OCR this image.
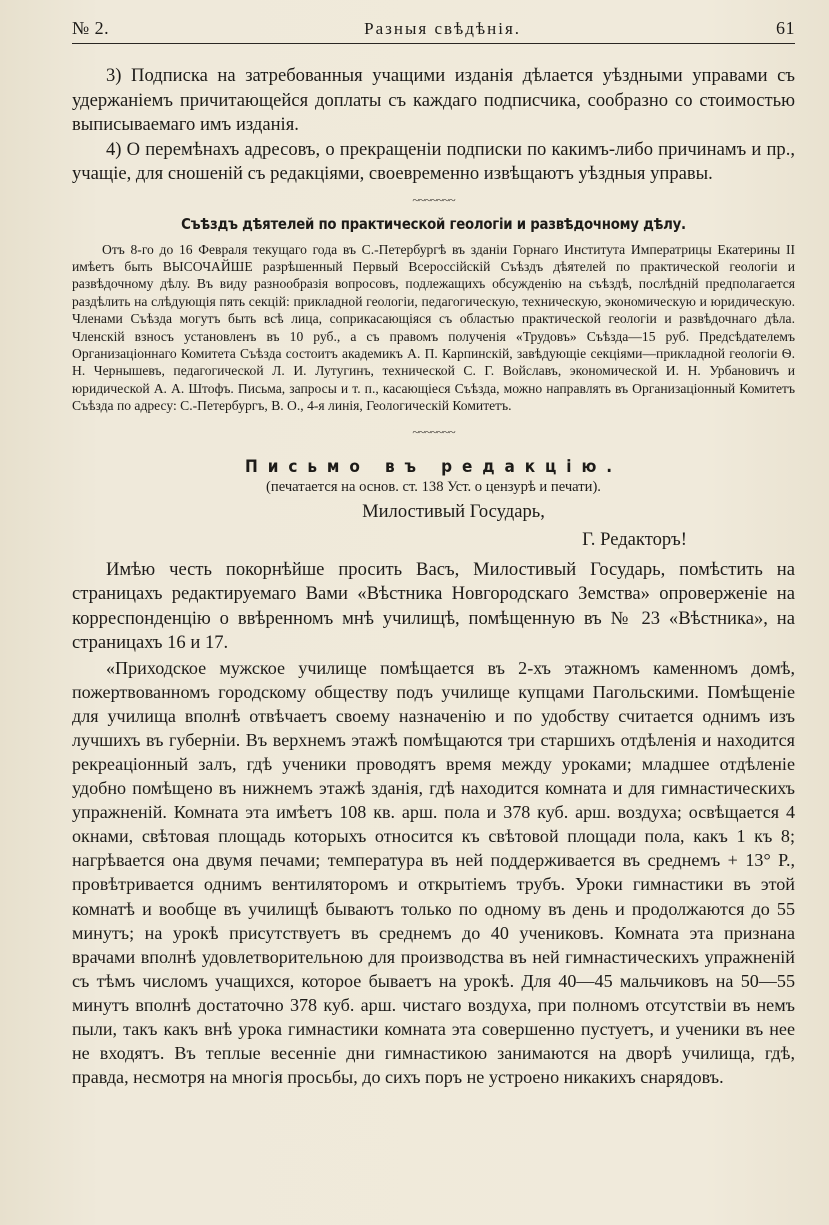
№ 2.	Разныя свѣдѣнія.	61

3) Подписка на затребованныя учащими изданія дѣлается уѣздными управами съ удержаніемъ причитающейся доплаты съ каждаго подписчика, сообразно со стоимостью выписываемаго имъ изданія.

4) О перемѣнахъ адресовъ, о прекращеніи подписки по какимъ-либо причинамъ и пр., учащіе, для сношеній съ редакціями, своевременно извѣщаютъ уѣздныя управы.

~~~~~~~
Съѣздъ дѣятелей по практической геологіи и развѣдочному дѣлу.

Отъ 8-го до 16 Февраля текущаго года въ С.-Петербургѣ въ зданіи Горнаго Института Императрицы Екатерины II имѣетъ быть ВЫСОЧАЙШЕ разрѣшенный Первый Всероссійскій Съѣздъ дѣятелей по практической геологіи и развѣдочному дѣлу. Въ виду разнообразія вопросовъ, подлежащихъ обсужденію на съѣздѣ, послѣдній предполагается раздѣлить на слѣдующія пять секцій: прикладной геологіи, педагогическую, техническую, экономическую и юридическую. Членами Съѣзда могутъ быть всѣ лица, соприкасающіяся съ областью практической геологіи и развѣдочнаго дѣла. Членскій взносъ установленъ въ 10 руб., а съ правомъ полученія «Трудовъ» Съѣзда—15 руб. Предсѣдателемъ Организаціоннаго Комитета Съѣзда состоитъ академикъ А. П. Карпинскій, завѣдующіе секціями—прикладной геологіи Ѳ. Н. Чернышевъ, педагогической Л. И. Лутугинъ, технической С. Г. Войславъ, экономической И. Н. Урбановичъ и юридической А. А. Штофъ. Письма, запросы и т. п., касающіеся Съѣзда, можно направлять въ Организаціонный Комитетъ Съѣзда по адресу: С.-Петербургъ, В. О., 4-я линія, Геологическій Комитетъ.

~~~~~~~
Письмо въ редакцію.
(печатается на основ. ст. 138 Уст. о цензурѣ и печати).

Милостивый Государь,

Г. Редакторъ!

Имѣю честь покорнѣйше просить Васъ, Милостивый Государь, помѣстить на страницахъ редактируемаго Вами «Вѣстника Новгородскаго Земства» опроверженіе на корреспонденцію о ввѣренномъ мнѣ училищѣ, помѣщенную въ № 23 «Вѣстника», на страницахъ 16 и 17.

«Приходское мужское училище помѣщается въ 2-хъ этажномъ каменномъ домѣ, пожертвованномъ городскому обществу подъ училище купцами Пагольскими. Помѣщеніе для училища вполнѣ отвѣчаетъ своему назначенію и по удобству считается однимъ изъ лучшихъ въ губерніи. Въ верхнемъ этажѣ помѣщаются три старшихъ отдѣленія и находится рекреаціонный залъ, гдѣ ученики проводятъ время между уроками; младшее отдѣленіе удобно помѣщено въ нижнемъ этажѣ зданія, гдѣ находится комната и для гимнастическихъ упражненій. Комната эта имѣетъ 108 кв. арш. пола и 378 куб. арш. воздуха; освѣщается 4 окнами, свѣтовая площадь которыхъ относится къ свѣтовой площади пола, какъ 1 къ 8; нагрѣвается она двумя печами; температура въ ней поддерживается въ среднемъ + 13° Р., провѣтривается однимъ вентиляторомъ и открытіемъ трубъ. Уроки гимнастики въ этой комнатѣ и вообще въ училищѣ бываютъ только по одному въ день и продолжаются до 55 минутъ; на урокѣ присутствуетъ въ среднемъ до 40 учениковъ. Комната эта признана врачами вполнѣ удовлетворительною для производства въ ней гимнастическихъ упражненій съ тѣмъ числомъ учащихся, которое бываетъ на урокѣ. Для 40—45 мальчиковъ на 50—55 минутъ вполнѣ достаточно 378 куб. арш. чистаго воздуха, при полномъ отсутствіи въ немъ пыли, такъ какъ внѣ урока гимнастики комната эта совершенно пустуетъ, и ученики въ нее не входятъ. Въ теплые весенніе дни гимнастикою занимаются на дворѣ училища, гдѣ, правда, несмотря на многія просьбы, до сихъ поръ не устроено никакихъ снарядовъ.
